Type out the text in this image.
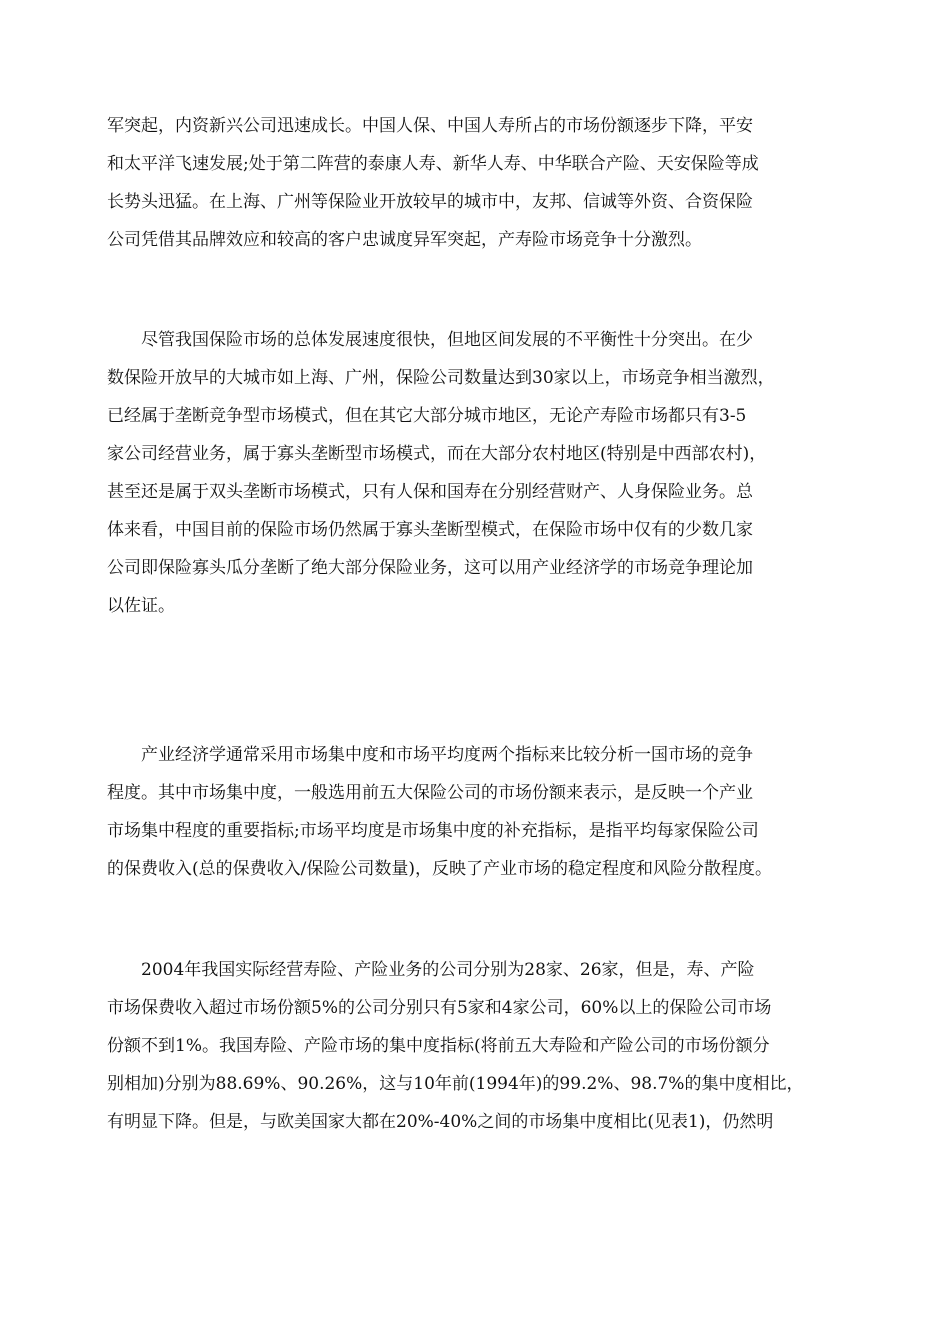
军突起，内资新兴公司迅速成长。中国人保、中国人寿所占的市场份额逐步下降，平安
和太平洋飞速发展;处于第二阵营的泰康人寿、新华人寿、中华联合产险、天安保险等成
长势头迅猛。在上海、广州等保险业开放较早的城市中，友邦、信诚等外资、合资保险
公司凭借其品牌效应和较高的客户忠诚度异军突起，产寿险市场竞争十分激烈。
　　尽管我国保险市场的总体发展速度很快，但地区间发展的不平衡性十分突出。在少
数保险开放早的大城市如上海、广州，保险公司数量达到30家以上，市场竞争相当激烈，
已经属于垄断竞争型市场模式，但在其它大部分城市地区，无论产寿险市场都只有3-5
家公司经营业务，属于寡头垄断型市场模式，而在大部分农村地区(特别是中西部农村)，
甚至还是属于双头垄断市场模式，只有人保和国寿在分别经营财产、人身保险业务。总
体来看，中国目前的保险市场仍然属于寡头垄断型模式，在保险市场中仅有的少数几家
公司即保险寡头瓜分垄断了绝大部分保险业务，这可以用产业经济学的市场竞争理论加
以佐证。
　　产业经济学通常采用市场集中度和市场平均度两个指标来比较分析一国市场的竞争
程度。其中市场集中度，一般选用前五大保险公司的市场份额来表示，是反映一个产业
市场集中程度的重要指标;市场平均度是市场集中度的补充指标，是指平均每家保险公司
的保费收入(总的保费收入/保险公司数量)，反映了产业市场的稳定程度和风险分散程度。
　　2004年我国实际经营寿险、产险业务的公司分别为28家、26家，但是，寿、产险
市场保费收入超过市场份额5%的公司分别只有5家和4家公司，60%以上的保险公司市场
份额不到1%。我国寿险、产险市场的集中度指标(将前五大寿险和产险公司的市场份额分
别相加)分别为88.69%、90.26%，这与10年前(1994年)的99.2%、98.7%的集中度相比，
有明显下降。但是，与欧美国家大都在20%-40%之间的市场集中度相比(见表1)，仍然明
